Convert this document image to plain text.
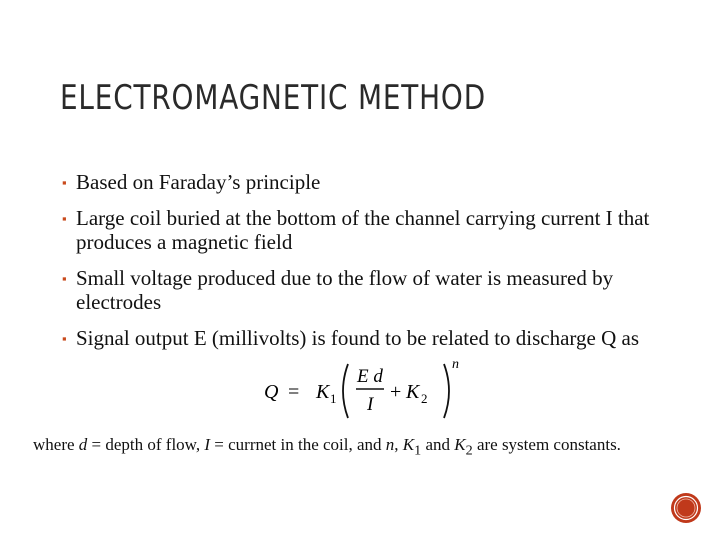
ELECTROMAGNETIC METHOD
▪ Based on Faraday’s principle
▪ Large coil buried at the bottom of the channel carrying current I that produces a magnetic field
▪ Small voltage produced due to the flow of water is measured by electrodes
▪ Signal output E (millivolts) is found to be related to discharge Q as
Q = K 1
E d
I
+ K 2
n
where d = depth of flow, I = currnet in the coil, and n, $K_1$ and $K_2$ are system constants.
